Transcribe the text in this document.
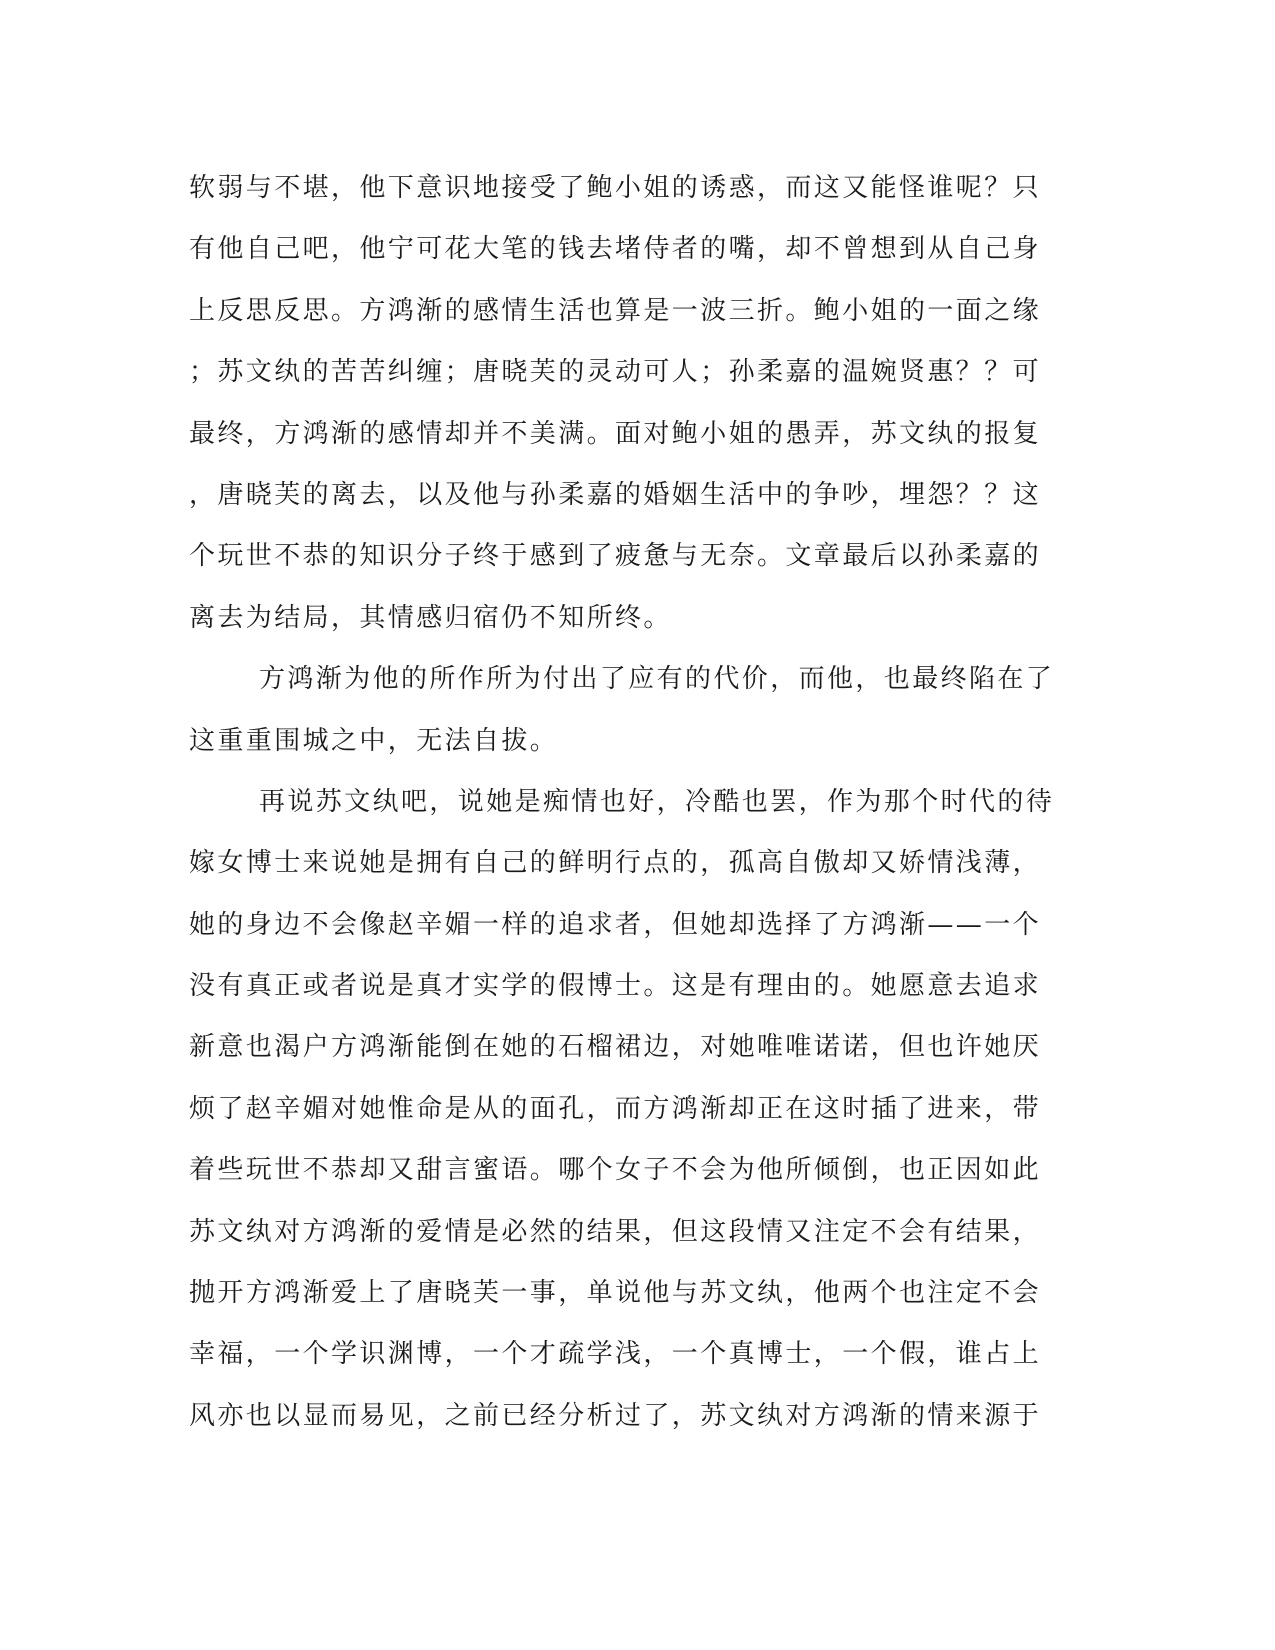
软弱与不堪，他下意识地接受了鲍小姐的诱惑，而这又能怪谁呢？只
有他自己吧，他宁可花大笔的钱去堵侍者的嘴，却不曾想到从自己身
上反思反思。方鸿渐的感情生活也算是一波三折。鲍小姐的一面之缘
；苏文纨的苦苦纠缠；唐晓芙的灵动可人；孙柔嘉的温婉贤惠？？可
最终，方鸿渐的感情却并不美满。面对鲍小姐的愚弄，苏文纨的报复
，唐晓芙的离去，以及他与孙柔嘉的婚姻生活中的争吵，埋怨？？这
个玩世不恭的知识分子终于感到了疲惫与无奈。文章最后以孙柔嘉的
离去为结局，其情感归宿仍不知所终。
方鸿渐为他的所作所为付出了应有的代价，而他，也最终陷在了
这重重围城之中，无法自拔。
再说苏文纨吧，说她是痴情也好，冷酷也罢，作为那个时代的待
嫁女博士来说她是拥有自己的鲜明行点的，孤高自傲却又娇情浅薄，
她的身边不会像赵辛媚一样的追求者，但她却选择了方鸿渐——一个
没有真正或者说是真才实学的假博士。这是有理由的。她愿意去追求
新意也渴户方鸿渐能倒在她的石榴裙边，对她唯唯诺诺，但也许她厌
烦了赵辛媚对她惟命是从的面孔，而方鸿渐却正在这时插了进来，带
着些玩世不恭却又甜言蜜语。哪个女子不会为他所倾倒，也正因如此
苏文纨对方鸿渐的爱情是必然的结果，但这段情又注定不会有结果，
抛开方鸿渐爱上了唐晓芙一事，单说他与苏文纨，他两个也注定不会
幸福，一个学识渊博，一个才疏学浅，一个真博士，一个假，谁占上
风亦也以显而易见，之前已经分析过了，苏文纨对方鸿渐的情来源于
